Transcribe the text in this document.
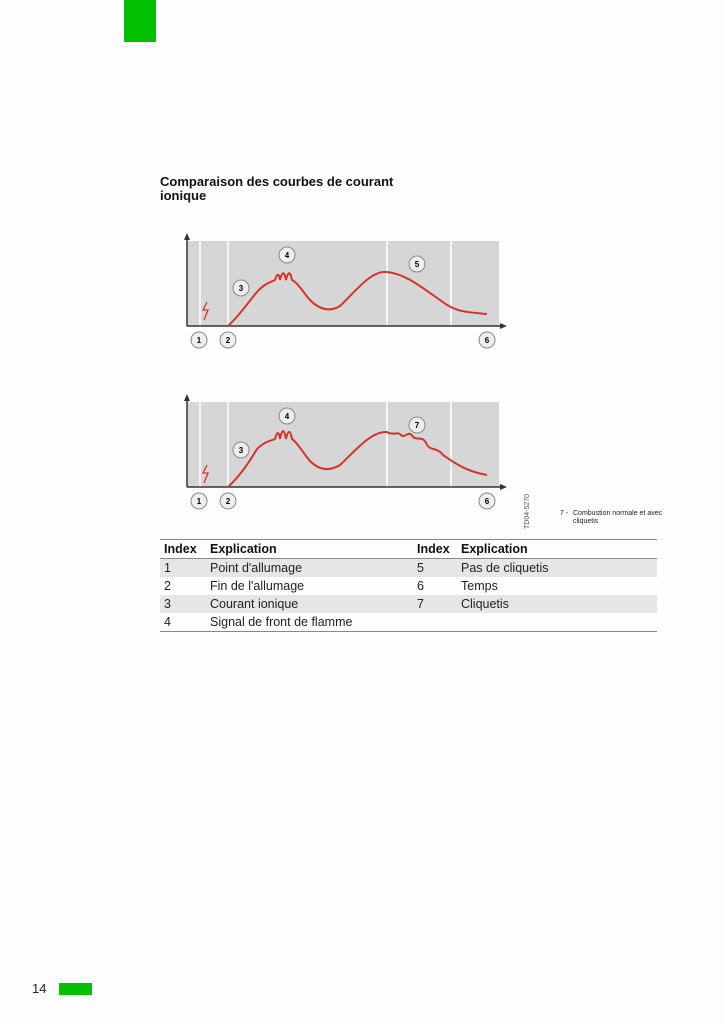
Comparaison des courbes de courant ionique
1	2
3
4
5
6
1	2
3
4
7
6	TD04-5270	7 - Combustion normale et avec cliquetis
Index	Explication	Index	Explication
1	Point d'allumage	5	Pas de cliquetis
2	Fin de l'allumage	6	Temps
3	Courant ionique	7	Cliquetis
4	Signal de front de flamme		
14
